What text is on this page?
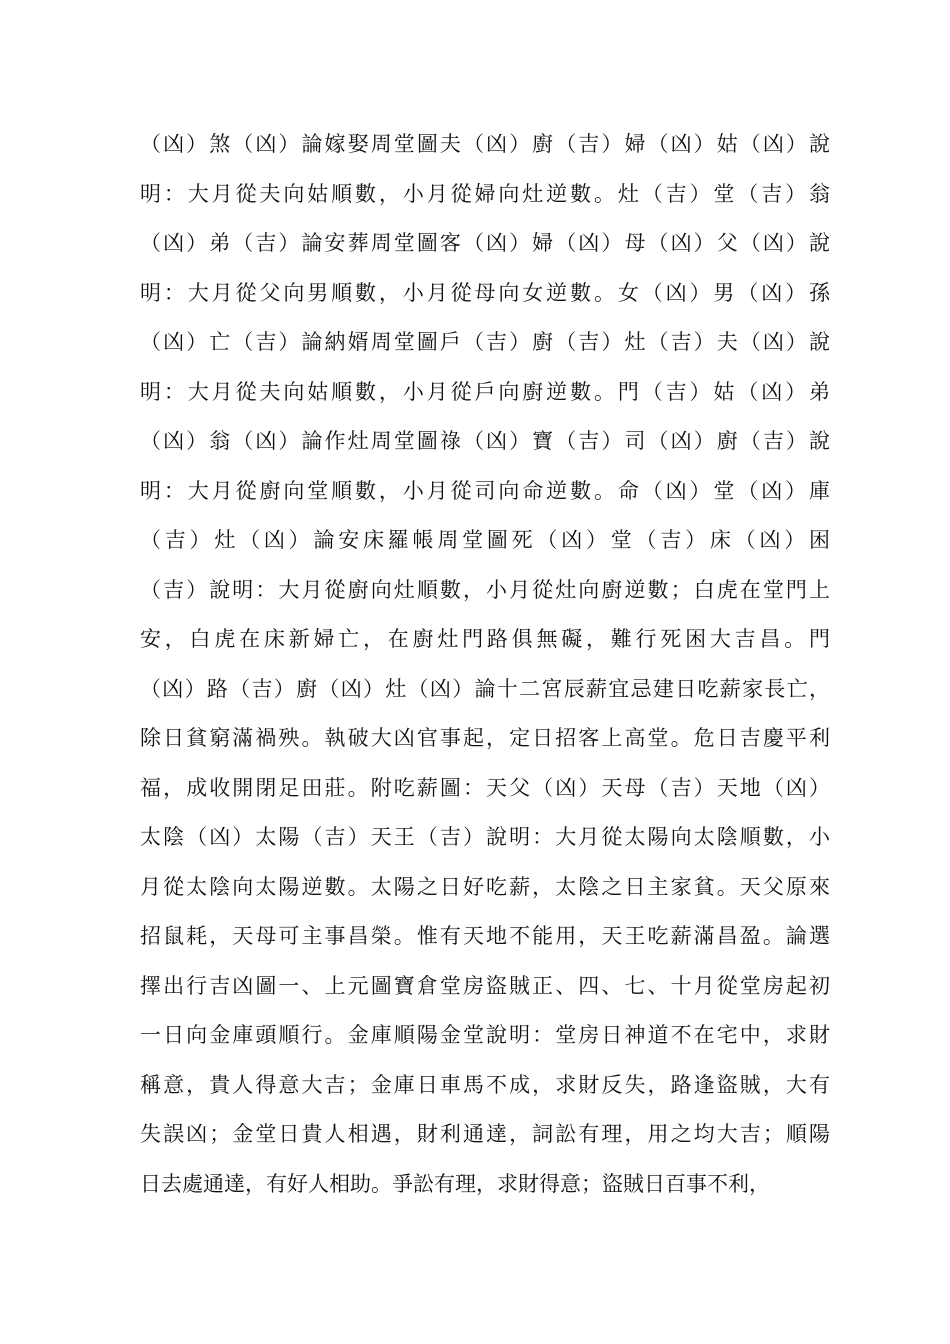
（凶）煞（凶）論嫁娶周堂圖夫（凶）廚（吉）婦（凶）姑（凶）說
明：大月從夫向姑順數，小月從婦向灶逆數。灶（吉）堂（吉）翁
（凶）弟（吉）論安葬周堂圖客（凶）婦（凶）母（凶）父（凶）說
明：大月從父向男順數，小月從母向女逆數。女（凶）男（凶）孫
（凶）亡（吉）論納婿周堂圖戶（吉）廚（吉）灶（吉）夫（凶）說
明：大月從夫向姑順數，小月從戶向廚逆數。門（吉）姑（凶）弟
（凶）翁（凶）論作灶周堂圖祿（凶）寶（吉）司（凶）廚（吉）說
明：大月從廚向堂順數，小月從司向命逆數。命（凶）堂（凶）庫
（吉）灶（凶）論安床羅帳周堂圖死（凶）堂（吉）床（凶）困
（吉）說明：大月從廚向灶順數，小月從灶向廚逆數；白虎在堂門上
安，白虎在床新婦亡，在廚灶門路俱無礙，難行死困大吉昌。門
（凶）路（吉）廚（凶）灶（凶）論十二宮辰薪宜忌建日吃薪家長亡，
除日貧窮滿禍殃。執破大凶官事起，定日招客上高堂。危日吉慶平利
福，成收開閉足田莊。附吃薪圖：天父（凶）天母（吉）天地（凶）
太陰（凶）太陽（吉）天王（吉）說明：大月從太陽向太陰順數，小
月從太陰向太陽逆數。太陽之日好吃薪，太陰之日主家貧。天父原來
招鼠耗，天母可主事昌榮。惟有天地不能用，天王吃薪滿昌盈。論選
擇出行吉凶圖一、上元圖寶倉堂房盜賊正、四、七、十月從堂房起初
一日向金庫頭順行。金庫順陽金堂說明：堂房日神道不在宅中，求財
稱意，貴人得意大吉；金庫日車馬不成，求財反失，路逢盜賊，大有
失誤凶；金堂日貴人相遇，財利通達，詞訟有理，用之均大吉；順陽
日去處通達，有好人相助。爭訟有理，求財得意；盜賊日百事不利，
